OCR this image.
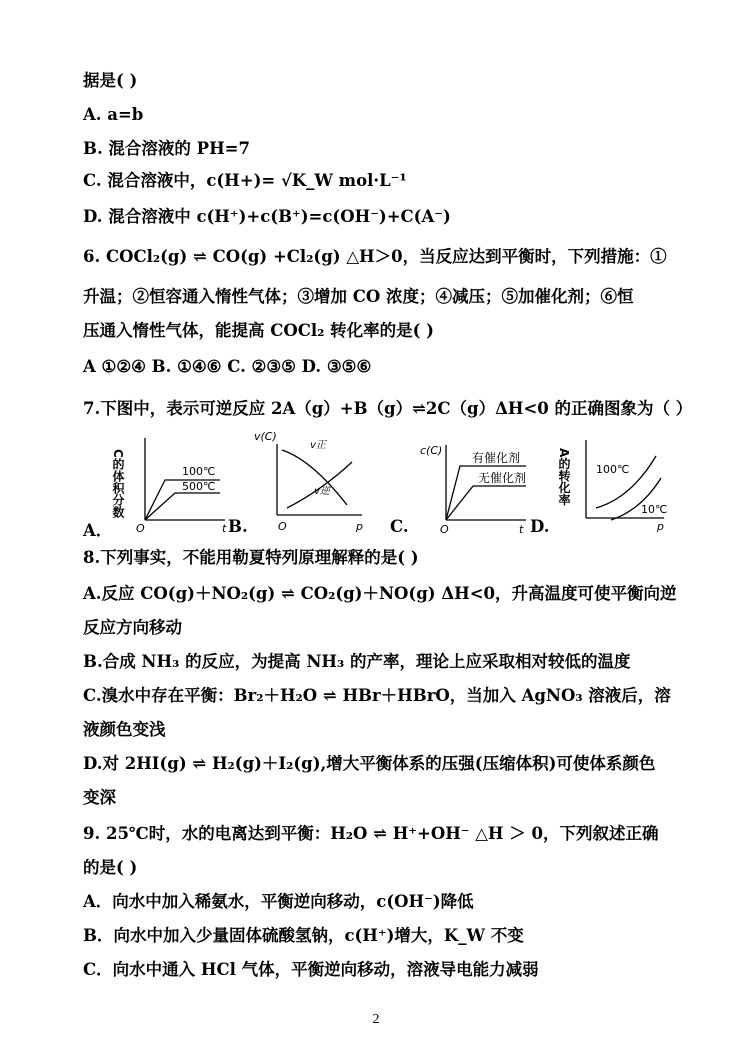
据是( )
A. a=b
B. 混合溶液的 PH=7
C. 混合溶液中，c(H+)= √K_W mol·L⁻¹
D. 混合溶液中 c(H⁺)+c(B⁺)=c(OH⁻)+C(A⁻)
6. COCl₂(g) ⇌ CO(g) +Cl₂(g) △H＞0，当反应达到平衡时，下列措施：①
升温；②恒容通入惰性气体；③增加 CO 浓度；④减压；⑤加催化剂；⑥恒
压通入惰性气体，能提高 COCl₂ 转化率的是( )
A ①②④ B. ①④⑥ C. ②③⑤ D. ③⑤⑥
7.下图中，表示可逆反应 2A（g）+B（g）⇌2C（g）ΔH<0 的正确图象为（ ）
A．
C的体积分数	100℃
500℃
O	t B.
v(C)
v正
v逆
O	p C.
c(C)
有催化剂
无催化剂
O	t D.
A的转化率 100℃
10℃
p
8.下列事实，不能用勒夏特列原理解释的是( )
A.反应 CO(g)＋NO₂(g) ⇌ CO₂(g)＋NO(g) ΔH<0，升高温度可使平衡向逆
反应方向移动
B.合成 NH₃ 的反应，为提高 NH₃ 的产率，理论上应采取相对较低的温度
C.溴水中存在平衡：Br₂＋H₂O ⇌ HBr＋HBrO，当加入 AgNO₃ 溶液后，溶
液颜色变浅
D.对 2HI(g) ⇌ H₂(g)＋I₂(g),增大平衡体系的压强(压缩体积)可使体系颜色
变深
9. 25℃时，水的电离达到平衡：H₂O ⇌ H⁺+OH⁻ △H ＞ 0，下列叙述正确
的是( )
A．向水中加入稀氨水，平衡逆向移动，c(OH⁻)降低
B．向水中加入少量固体硫酸氢钠，c(H⁺)增大，K_W 不变
C．向水中通入 HCl 气体，平衡逆向移动，溶液导电能力减弱
2
